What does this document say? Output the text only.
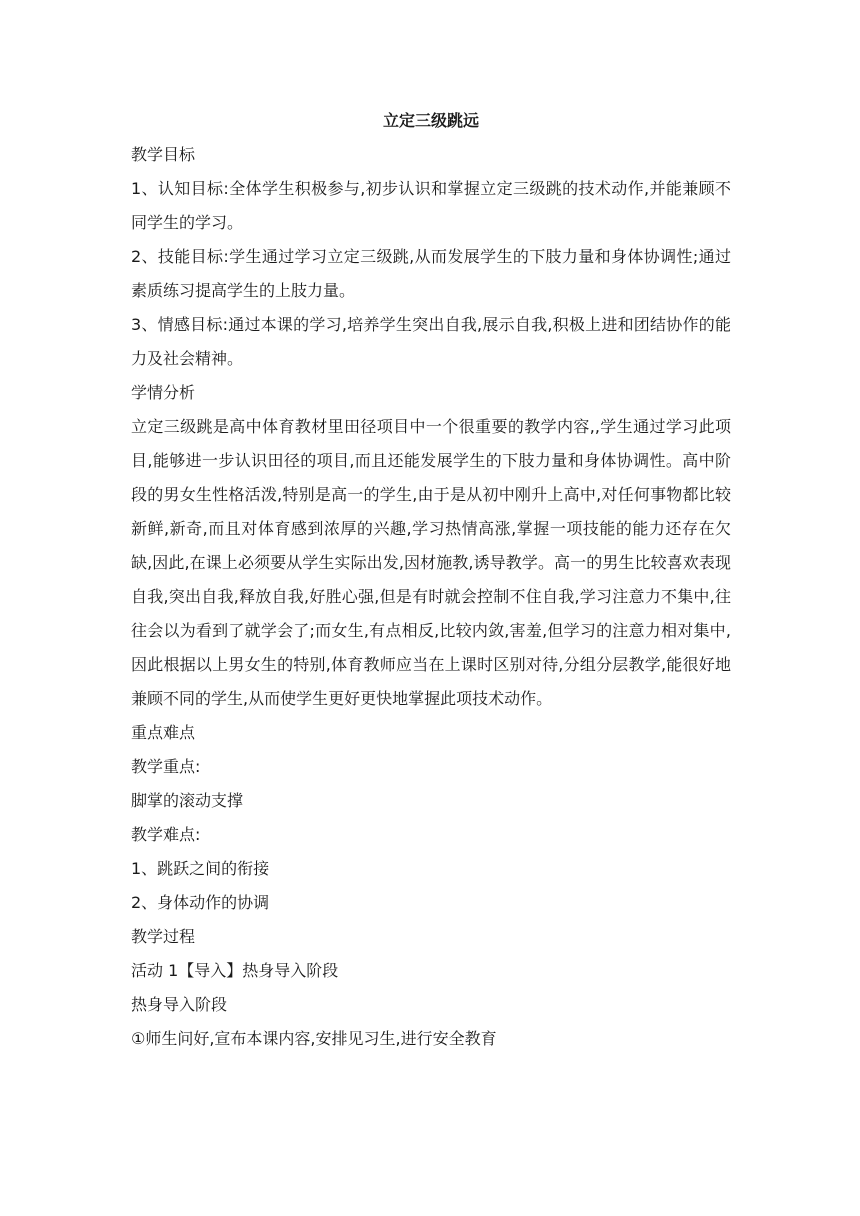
立定三级跳远

教学目标

1、认知目标:全体学生积极参与,初步认识和掌握立定三级跳的技术动作,并能兼顾不同学生的学习。

2、技能目标:学生通过学习立定三级跳,从而发展学生的下肢力量和身体协调性;通过素质练习提高学生的上肢力量。

3、情感目标:通过本课的学习,培养学生突出自我,展示自我,积极上进和团结协作的能力及社会精神。

学情分析

立定三级跳是高中体育教材里田径项目中一个很重要的教学内容,,学生通过学习此项目,能够进一步认识田径的项目,而且还能发展学生的下肢力量和身体协调性。高中阶段的男女生性格活泼,特别是高一的学生,由于是从初中刚升上高中,对任何事物都比较新鲜,新奇,而且对体育感到浓厚的兴趣,学习热情高涨,掌握一项技能的能力还存在欠缺,因此,在课上必须要从学生实际出发,因材施教,诱导教学。高一的男生比较喜欢表现自我,突出自我,释放自我,好胜心强,但是有时就会控制不住自我,学习注意力不集中,往往会以为看到了就学会了;而女生,有点相反,比较内敛,害羞,但学习的注意力相对集中,因此根据以上男女生的特别,体育教师应当在上课时区别对待,分组分层教学,能很好地兼顾不同的学生,从而使学生更好更快地掌握此项技术动作。

重点难点

教学重点:

脚掌的滚动支撑

教学难点:

1、跳跃之间的衔接

2、身体动作的协调

教学过程

活动 1【导入】热身导入阶段

热身导入阶段

①师生问好,宣布本课内容,安排见习生,进行安全教育
